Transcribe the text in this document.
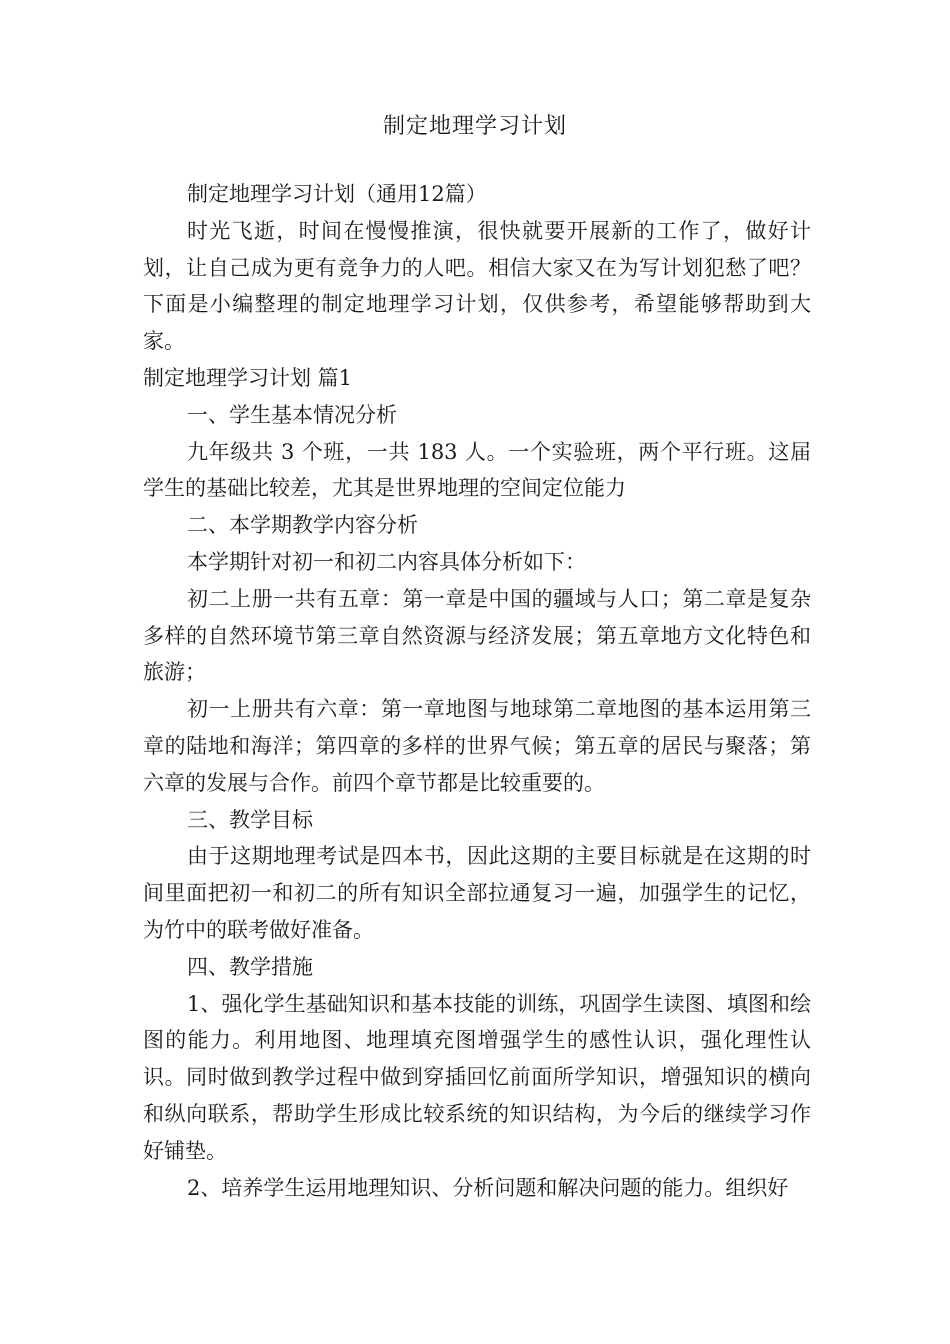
制定地理学习计划

制定地理学习计划（通用12篇）

时光飞逝，时间在慢慢推演，很快就要开展新的工作了，做好计划，让自己成为更有竞争力的人吧。相信大家又在为写计划犯愁了吧？下面是小编整理的制定地理学习计划，仅供参考，希望能够帮助到大家。

制定地理学习计划 篇1

一、学生基本情况分析

九年级共 3 个班，一共 183 人。一个实验班，两个平行班。这届学生的基础比较差，尤其是世界地理的空间定位能力

二、本学期教学内容分析

本学期针对初一和初二内容具体分析如下：

初二上册一共有五章：第一章是中国的疆域与人口；第二章是复杂多样的自然环境节第三章自然资源与经济发展；第五章地方文化特色和旅游；

初一上册共有六章：第一章地图与地球第二章地图的基本运用第三章的陆地和海洋；第四章的多样的世界气候；第五章的居民与聚落；第六章的发展与合作。前四个章节都是比较重要的。

三、教学目标

由于这期地理考试是四本书，因此这期的主要目标就是在这期的时间里面把初一和初二的所有知识全部拉通复习一遍，加强学生的记忆，为竹中的联考做好准备。

四、教学措施

1、强化学生基础知识和基本技能的训练，巩固学生读图、填图和绘图的能力。利用地图、地理填充图增强学生的感性认识，强化理性认识。同时做到教学过程中做到穿插回忆前面所学知识，增强知识的横向和纵向联系，帮助学生形成比较系统的知识结构，为今后的继续学习作好铺垫。

2、培养学生运用地理知识、分析问题和解决问题的能力。组织好
